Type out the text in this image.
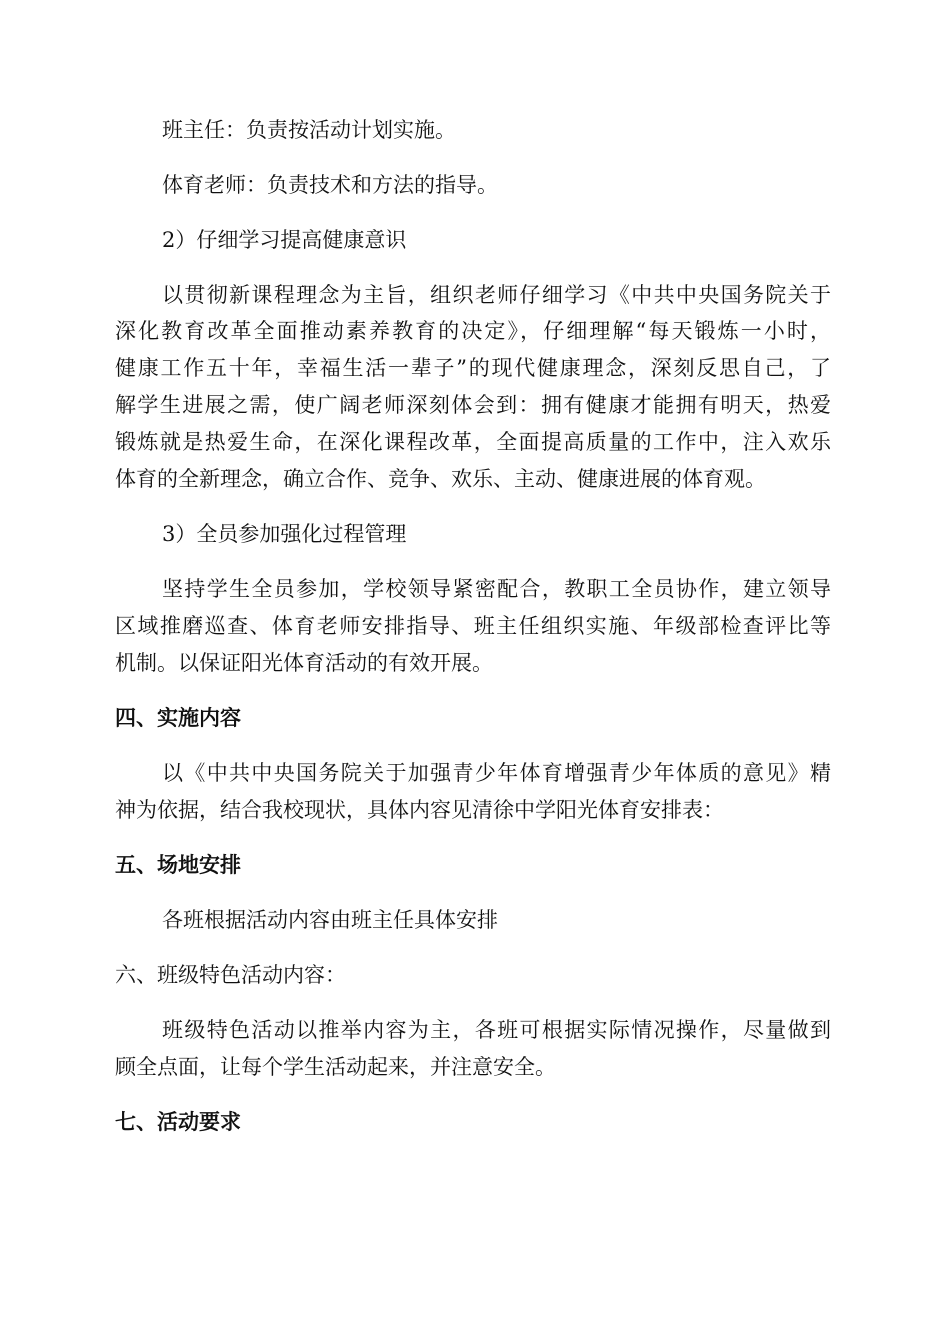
班主任：负责按活动计划实施。
体育老师：负责技术和方法的指导。
2）仔细学习提高健康意识
以贯彻新课程理念为主旨，组织老师仔细学习《中共中央国务院关于
深化教育改革全面推动素养教育的决定》，仔细理解“每天锻炼一小时，
健康工作五十年，幸福生活一辈子”的现代健康理念，深刻反思自己，了
解学生进展之需，使广阔老师深刻体会到：拥有健康才能拥有明天，热爱
锻炼就是热爱生命，在深化课程改革，全面提高质量的工作中，注入欢乐
体育的全新理念，确立合作、竞争、欢乐、主动、健康进展的体育观。
3）全员参加强化过程管理
坚持学生全员参加，学校领导紧密配合，教职工全员协作，建立领导
区域推磨巡查、体育老师安排指导、班主任组织实施、年级部检查评比等
机制。以保证阳光体育活动的有效开展。
四、实施内容
以《中共中央国务院关于加强青少年体育增强青少年体质的意见》精
神为依据，结合我校现状，具体内容见清徐中学阳光体育安排表：
五、场地安排
各班根据活动内容由班主任具体安排
六、班级特色活动内容：
班级特色活动以推举内容为主，各班可根据实际情况操作，尽量做到
顾全点面，让每个学生活动起来，并注意安全。
七、活动要求
